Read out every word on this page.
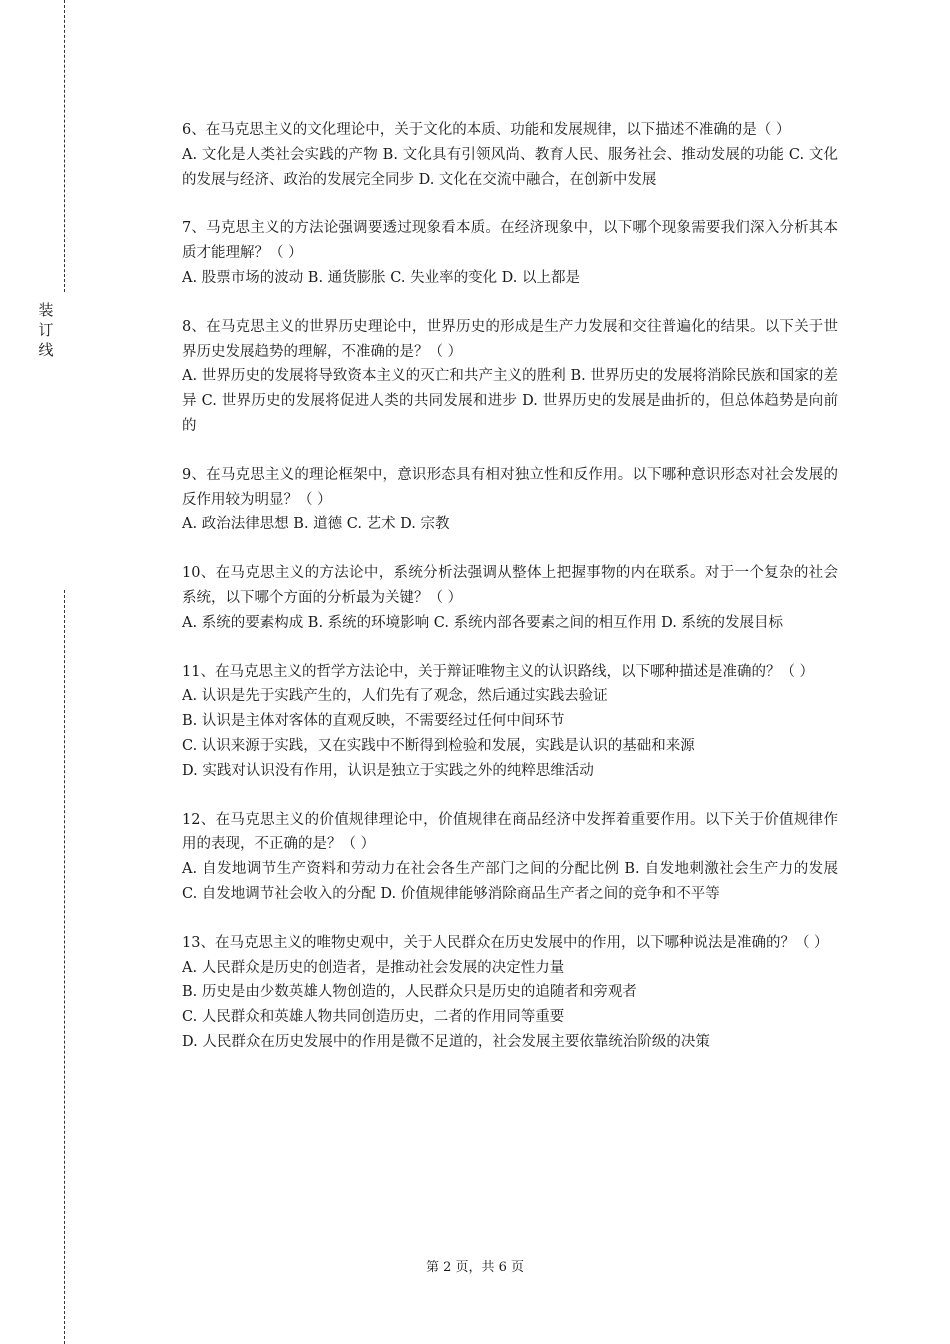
装
订
线

6、在马克思主义的文化理论中，关于文化的本质、功能和发展规律，以下描述不准确的是（ ）

A. 文化是人类社会实践的产物 B. 文化具有引领风尚、教育人民、服务社会、推动发展的功能 C. 文化的发展与经济、政治的发展完全同步 D. 文化在交流中融合，在创新中发展

7、马克思主义的方法论强调要透过现象看本质。在经济现象中，以下哪个现象需要我们深入分析其本质才能理解？（ ）

A. 股票市场的波动 B. 通货膨胀 C. 失业率的变化 D. 以上都是

8、在马克思主义的世界历史理论中，世界历史的形成是生产力发展和交往普遍化的结果。以下关于世界历史发展趋势的理解，不准确的是？（ ）

A. 世界历史的发展将导致资本主义的灭亡和共产主义的胜利 B. 世界历史的发展将消除民族和国家的差异 C. 世界历史的发展将促进人类的共同发展和进步 D. 世界历史的发展是曲折的，但总体趋势是向前的

9、在马克思主义的理论框架中，意识形态具有相对独立性和反作用。以下哪种意识形态对社会发展的反作用较为明显？（ ）

A. 政治法律思想 B. 道德 C. 艺术 D. 宗教

10、在马克思主义的方法论中，系统分析法强调从整体上把握事物的内在联系。对于一个复杂的社会系统，以下哪个方面的分析最为关键？（ ）

A. 系统的要素构成 B. 系统的环境影响 C. 系统内部各要素之间的相互作用 D. 系统的发展目标

11、在马克思主义的哲学方法论中，关于辩证唯物主义的认识路线，以下哪种描述是准确的？（ ）

A. 认识是先于实践产生的，人们先有了观念，然后通过实践去验证

B. 认识是主体对客体的直观反映，不需要经过任何中间环节

C. 认识来源于实践，又在实践中不断得到检验和发展，实践是认识的基础和来源

D. 实践对认识没有作用，认识是独立于实践之外的纯粹思维活动

12、在马克思主义的价值规律理论中，价值规律在商品经济中发挥着重要作用。以下关于价值规律作用的表现，不正确的是？（ ）

A. 自发地调节生产资料和劳动力在社会各生产部门之间的分配比例 B. 自发地刺激社会生产力的发展 C. 自发地调节社会收入的分配 D. 价值规律能够消除商品生产者之间的竞争和不平等

13、在马克思主义的唯物史观中，关于人民群众在历史发展中的作用，以下哪种说法是准确的？（ ）

A. 人民群众是历史的创造者，是推动社会发展的决定性力量

B. 历史是由少数英雄人物创造的，人民群众只是历史的追随者和旁观者

C. 人民群众和英雄人物共同创造历史，二者的作用同等重要

D. 人民群众在历史发展中的作用是微不足道的，社会发展主要依靠统治阶级的决策

第 2 页，共 6 页
